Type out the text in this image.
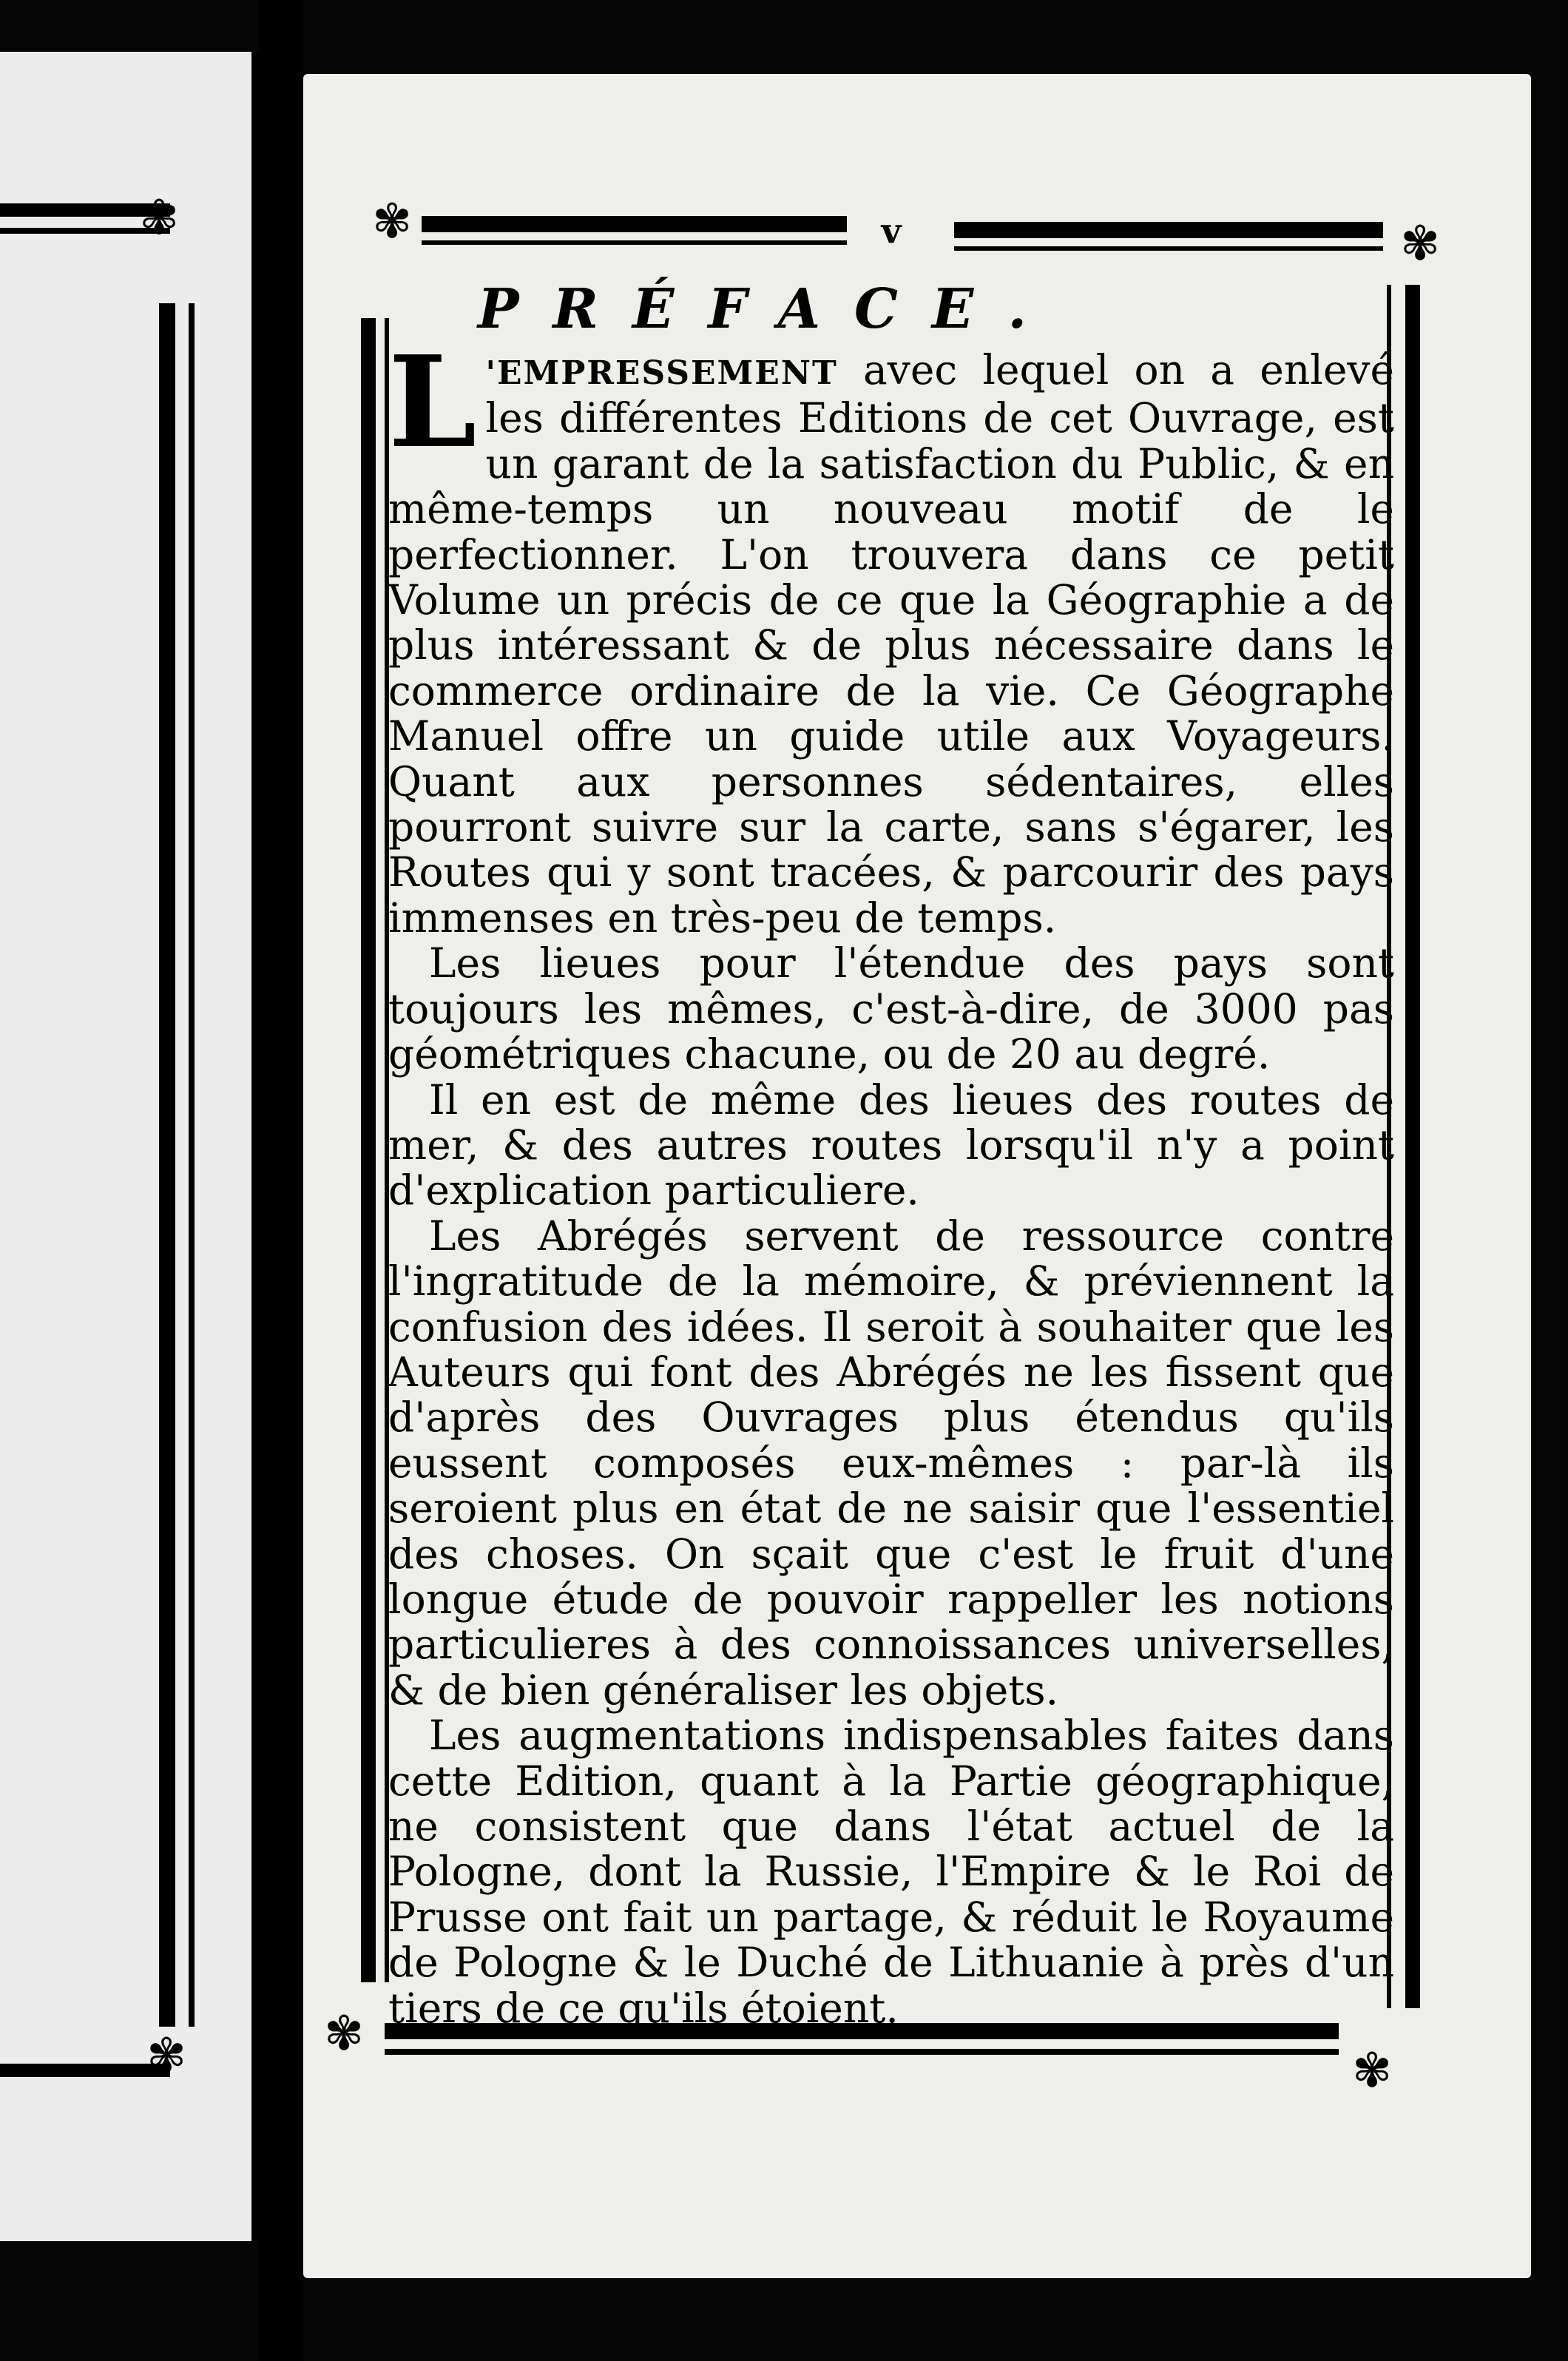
✾
✾
✾	✾
✾
✾
v
PRÉFACE.

L 'EMPRESSEMENT avec lequel on a enlevé les différentes Editions de cet Ouvrage, est un garant de la satisfaction du Public, & en même-temps un nouveau motif de le perfectionner. L'on trouvera dans ce petit Volume un précis de ce que la Géographie a de plus intéressant & de plus nécessaire dans le commerce ordinaire de la vie. Ce Géographe Manuel offre un guide utile aux Voyageurs. Quant aux personnes sédentaires, elles pourront suivre sur la carte, sans s'égarer, les Routes qui y sont tracées, & parcourir des pays immenses en très-peu de temps.

Les lieues pour l'étendue des pays sont toujours les mêmes, c'est-à-dire, de 3000 pas géométriques chacune, ou de 20 au degré.

Il en est de même des lieues des routes de mer, & des autres routes lorsqu'il n'y a point d'explication particuliere.

Les Abrégés servent de ressource contre l'ingratitude de la mémoire, & préviennent la confusion des idées. Il seroit à souhaiter que les Auteurs qui font des Abrégés ne les fissent que d'après des Ouvrages plus étendus qu'ils eussent composés eux-mêmes : par-là ils seroient plus en état de ne saisir que l'essentiel des choses. On sçait que c'est le fruit d'une longue étude de pouvoir rappeller les notions particulieres à des connoissances universelles, & de bien généraliser les objets.

Les augmentations indispensables faites dans cette Edition, quant à la Partie géographique, ne consistent que dans l'état actuel de la Pologne, dont la Russie, l'Empire & le Roi de Prusse ont fait un partage, & réduit le Royaume de Pologne & le Duché de Lithuanie à près d'un tiers de ce qu'ils étoient.
